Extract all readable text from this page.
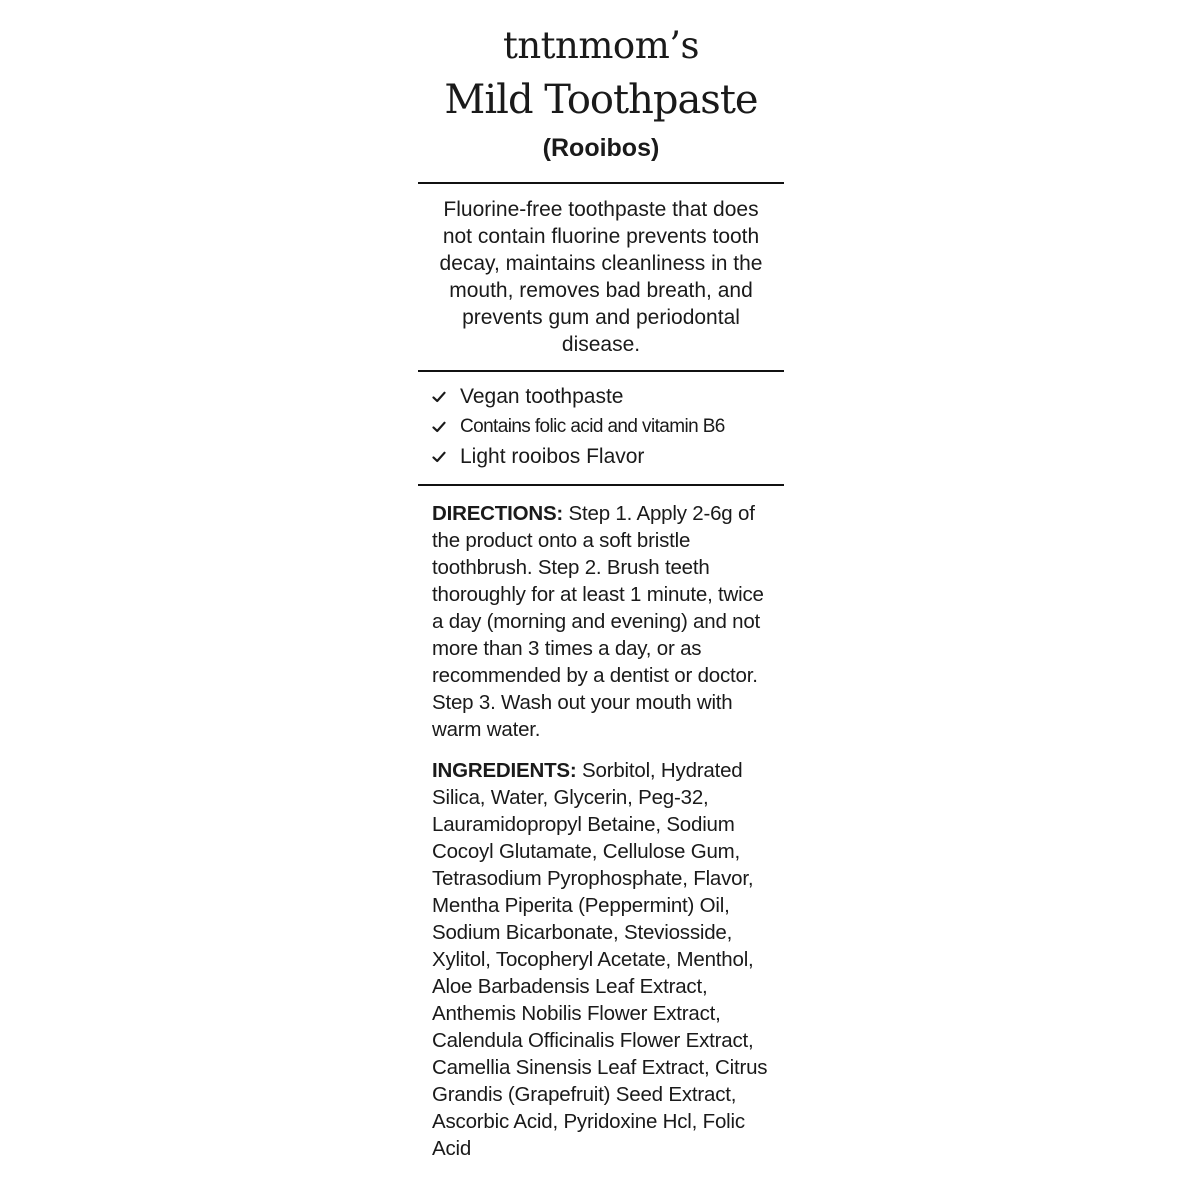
tntnmom’s
Mild Toothpaste

(Rooibos)

Fluorine-free toothpaste that does not contain fluorine prevents tooth decay, maintains cleanliness in the mouth, removes bad breath, and prevents gum and periodontal disease.

Vegan toothpaste
Contains folic acid and vitamin B6
Light rooibos Flavor

DIRECTIONS: Step 1. Apply 2-6g of the product onto a soft bristle toothbrush. Step 2. Brush teeth thoroughly for at least 1 minute, twice a day (morning and evening) and not more than 3 times a day, or as recommended by a dentist or doctor. Step 3. Wash out your mouth with warm water.

INGREDIENTS: Sorbitol, Hydrated Silica, Water, Glycerin, Peg-32, Lauramidopropyl Betaine, Sodium Cocoyl Glutamate, Cellulose Gum, Tetrasodium Pyrophosphate, Flavor, Mentha Piperita (Peppermint) Oil, Sodium Bicarbonate, Steviosside, Xylitol, Tocopheryl Acetate, Menthol, Aloe Barbadensis Leaf Extract, Anthemis Nobilis Flower Extract, Calendula Officinalis Flower Extract, Camellia Sinensis Leaf Extract, Citrus Grandis (Grapefruit) Seed Extract, Ascorbic Acid, Pyridoxine Hcl, Folic Acid
